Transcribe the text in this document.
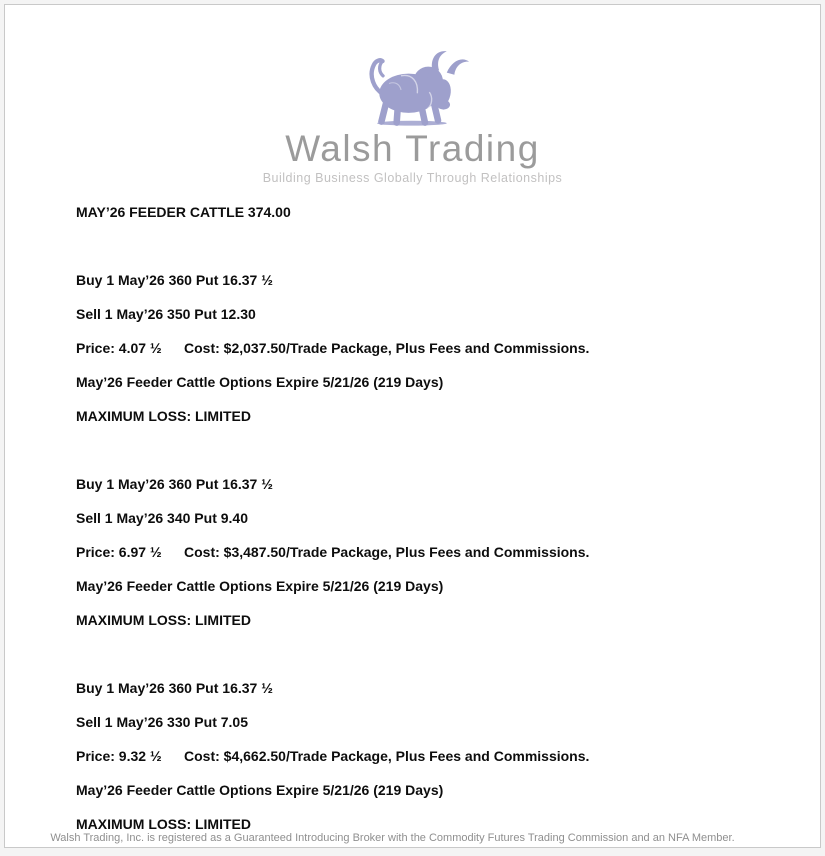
Walsh Trading
Building Business Globally Through Relationships

MAY’26 FEEDER CATTLE 374.00

Buy 1 May’26 360 Put 16.37 ½

Sell 1 May’26 350 Put 12.30

Price: 4.07 ½ Cost: $2,037.50/Trade Package, Plus Fees and Commissions.

May’26 Feeder Cattle Options Expire 5/21/26 (219 Days)

MAXIMUM LOSS: LIMITED

Buy 1 May’26 360 Put 16.37 ½

Sell 1 May’26 340 Put 9.40

Price: 6.97 ½ Cost: $3,487.50/Trade Package, Plus Fees and Commissions.

May’26 Feeder Cattle Options Expire 5/21/26 (219 Days)

MAXIMUM LOSS: LIMITED

Buy 1 May’26 360 Put 16.37 ½

Sell 1 May’26 330 Put 7.05

Price: 9.32 ½ Cost: $4,662.50/Trade Package, Plus Fees and Commissions.

May’26 Feeder Cattle Options Expire 5/21/26 (219 Days)

MAXIMUM LOSS: LIMITED

Walsh Trading, Inc. is registered as a Guaranteed Introducing Broker with the Commodity Futures Trading Commission and an NFA Member.
